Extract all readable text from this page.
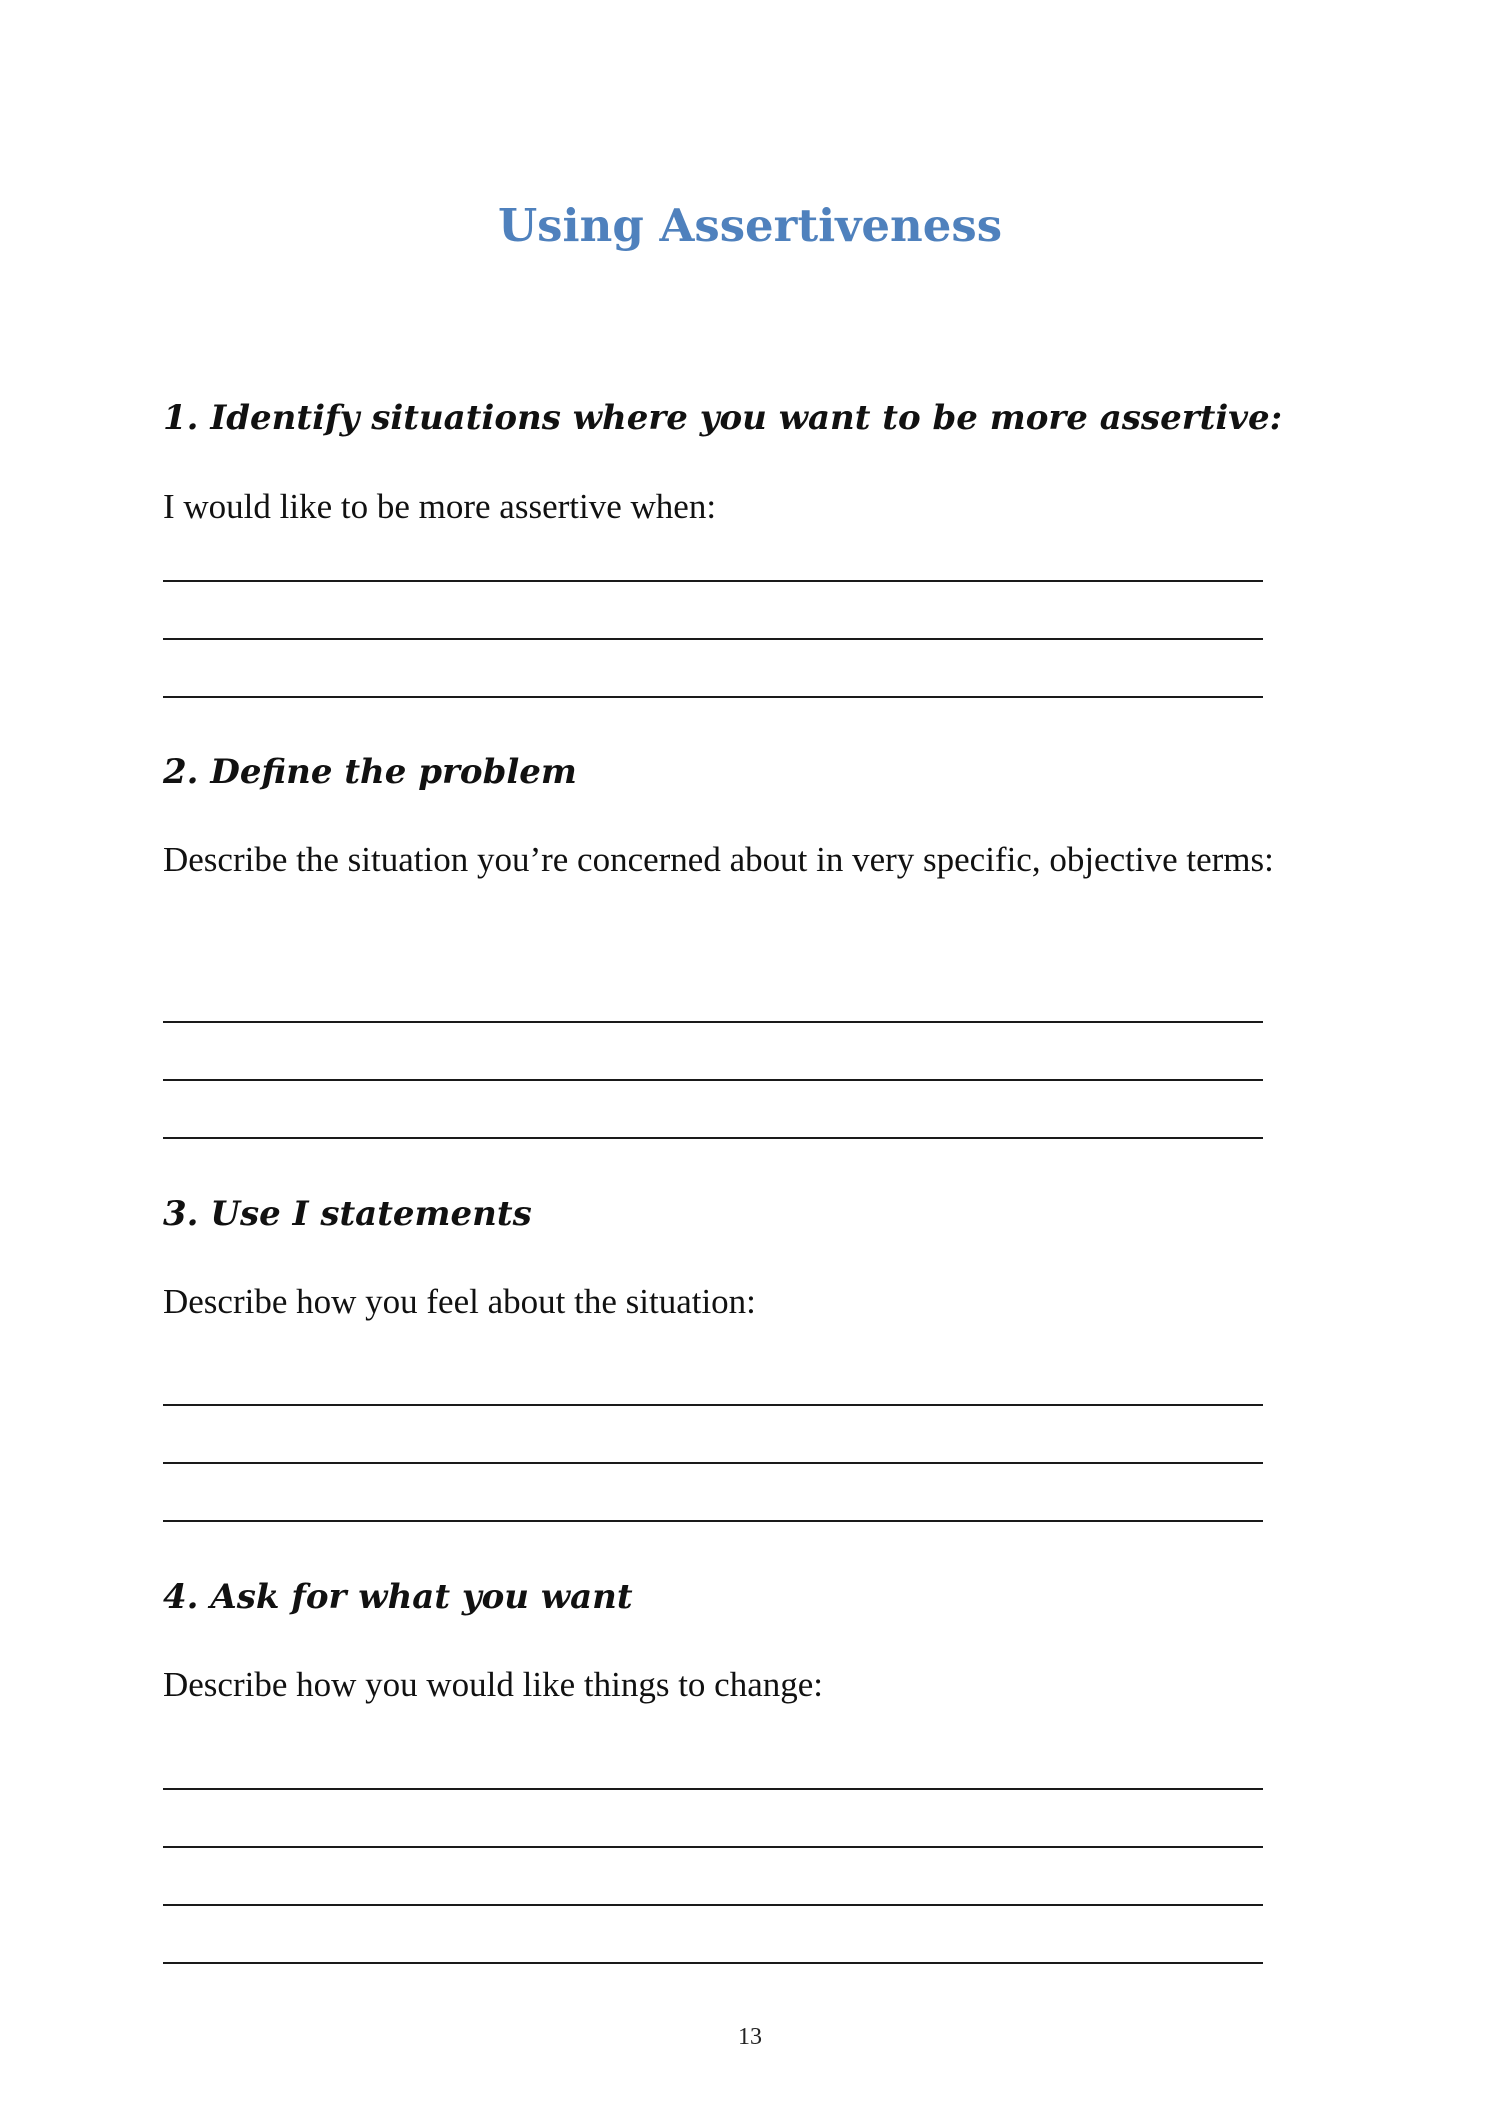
Using Assertiveness
1. Identify situations where you want to be more assertive:

I would like to be more assertive when:

2. Define the problem

Describe the situation you’re concerned about in very specific, objective terms:

3. Use I statements

Describe how you feel about the situation:

4. Ask for what you want

Describe how you would like things to change:

13
